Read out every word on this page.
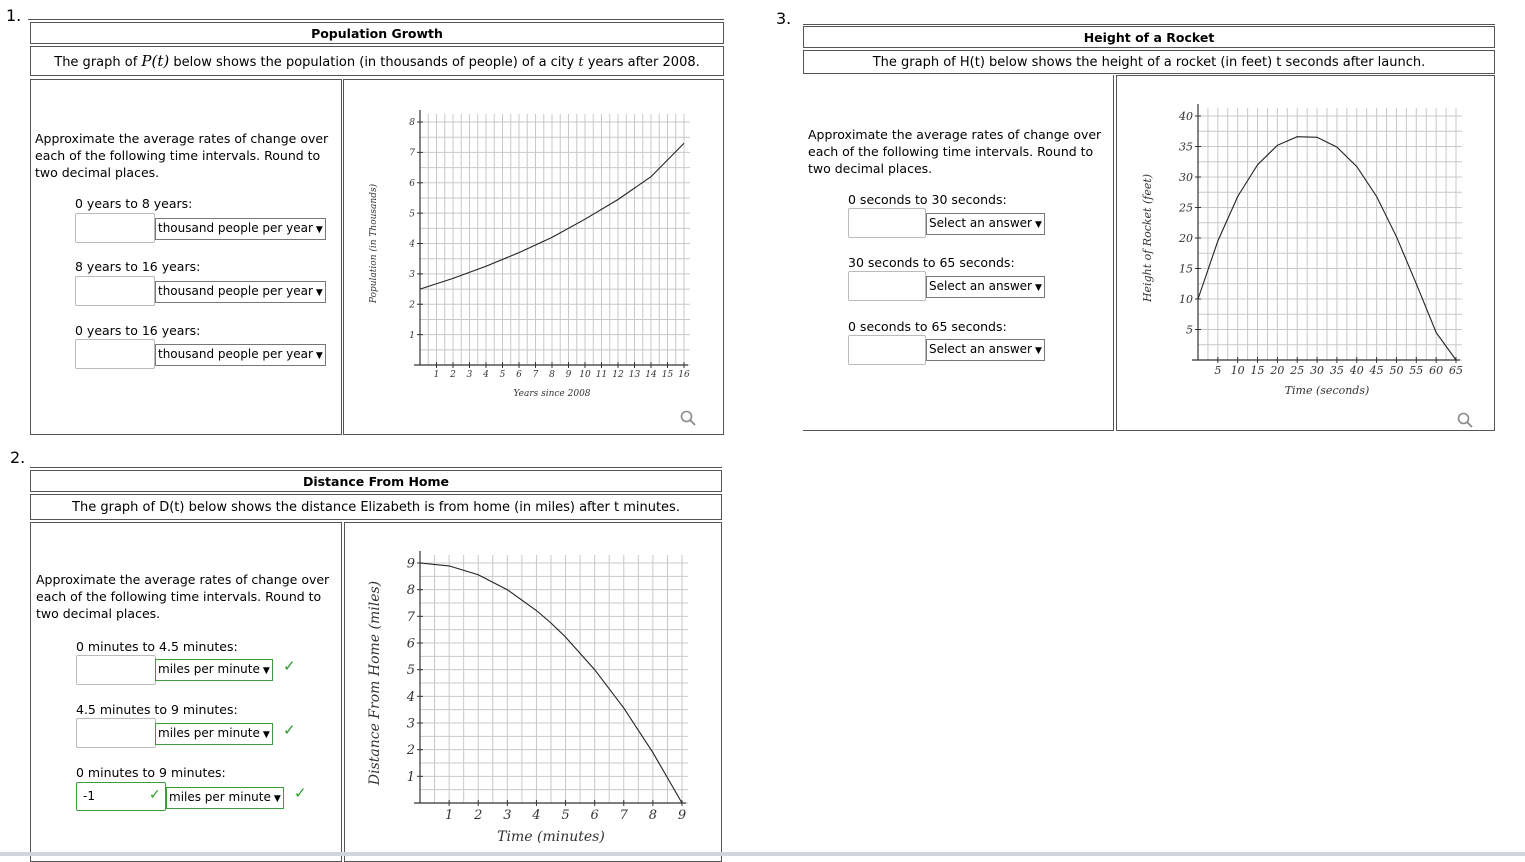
1.
Population Growth
The graph of P(t) below shows the population (in thousands of people) of a city t years after 2008.
Approximate the average rates of change over each of the following time intervals. Round to two decimal places.
0 years to 8 years:
thousand people per year ▼
8 years to 16 years:
thousand people per year ▼
0 years to 16 years:
thousand people per year ▼
1 2 3 4 5 6 7 8 9 10 11 12 13 14 15 16
1
2
3
4
5
6
7
8
Years since 2008
Population (in Thousands)
2.
Distance From Home
The graph of D(t) below shows the distance Elizabeth is from home (in miles) after t minutes.
Approximate the average rates of change over each of the following time intervals. Round to two decimal places.
0 minutes to 4.5 minutes:
miles per minute ▼ ✓
4.5 minutes to 9 minutes:
miles per minute ▼ ✓
0 minutes to 9 minutes:
-1	✓ miles per minute ▼ ✓
1 2 3 4 5 6 7 8 9
1
2
3
4
5
6
7
8
9
Time (minutes)
Distance From Home (miles)
3.
Height of a Rocket
The graph of H(t) below shows the height of a rocket (in feet) t seconds after launch.
Approximate the average rates of change over each of the following time intervals. Round to two decimal places.
0 seconds to 30 seconds:
Select an answer ▼
30 seconds to 65 seconds:
Select an answer ▼
0 seconds to 65 seconds:
Select an answer ▼
5 10 15 20 25 30 35 40 45 50 55 60 65
5
10
15
20
25
30
35
40
Time (seconds)
Height of Rocket (feet)
